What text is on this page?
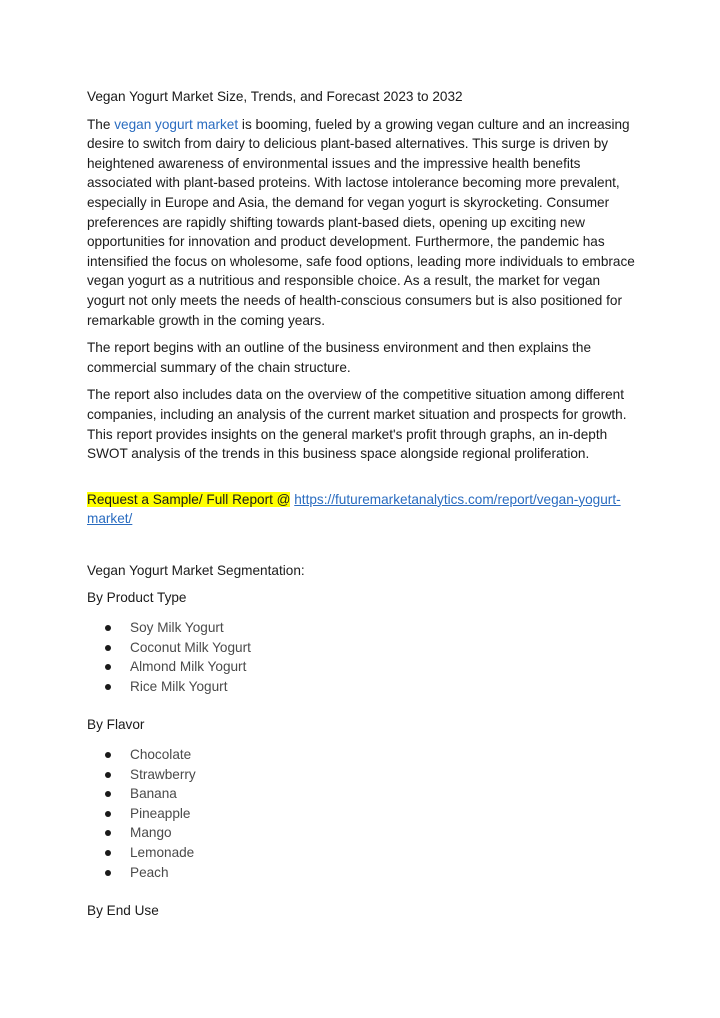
Vegan Yogurt Market Size, Trends, and Forecast 2023 to 2032

The vegan yogurt market is booming, fueled by a growing vegan culture and an increasing desire to switch from dairy to delicious plant-based alternatives. This surge is driven by heightened awareness of environmental issues and the impressive health benefits associated with plant-based proteins. With lactose intolerance becoming more prevalent, especially in Europe and Asia, the demand for vegan yogurt is skyrocketing. Consumer preferences are rapidly shifting towards plant-based diets, opening up exciting new opportunities for innovation and product development. Furthermore, the pandemic has intensified the focus on wholesome, safe food options, leading more individuals to embrace vegan yogurt as a nutritious and responsible choice. As a result, the market for vegan yogurt not only meets the needs of health-conscious consumers but is also positioned for remarkable growth in the coming years.

The report begins with an outline of the business environment and then explains the commercial summary of the chain structure.

The report also includes data on the overview of the competitive situation among different companies, including an analysis of the current market situation and prospects for growth. This report provides insights on the general market's profit through graphs, an in-depth SWOT analysis of the trends in this business space alongside regional proliferation.

Request a Sample/ Full Report @ https://futuremarketanalytics.com/report/vegan-yogurt-market/

Vegan Yogurt Market Segmentation:

By Product Type

Soy Milk Yogurt
Coconut Milk Yogurt
Almond Milk Yogurt
Rice Milk Yogurt

By Flavor

Chocolate
Strawberry
Banana
Pineapple
Mango
Lemonade
Peach

By End Use
